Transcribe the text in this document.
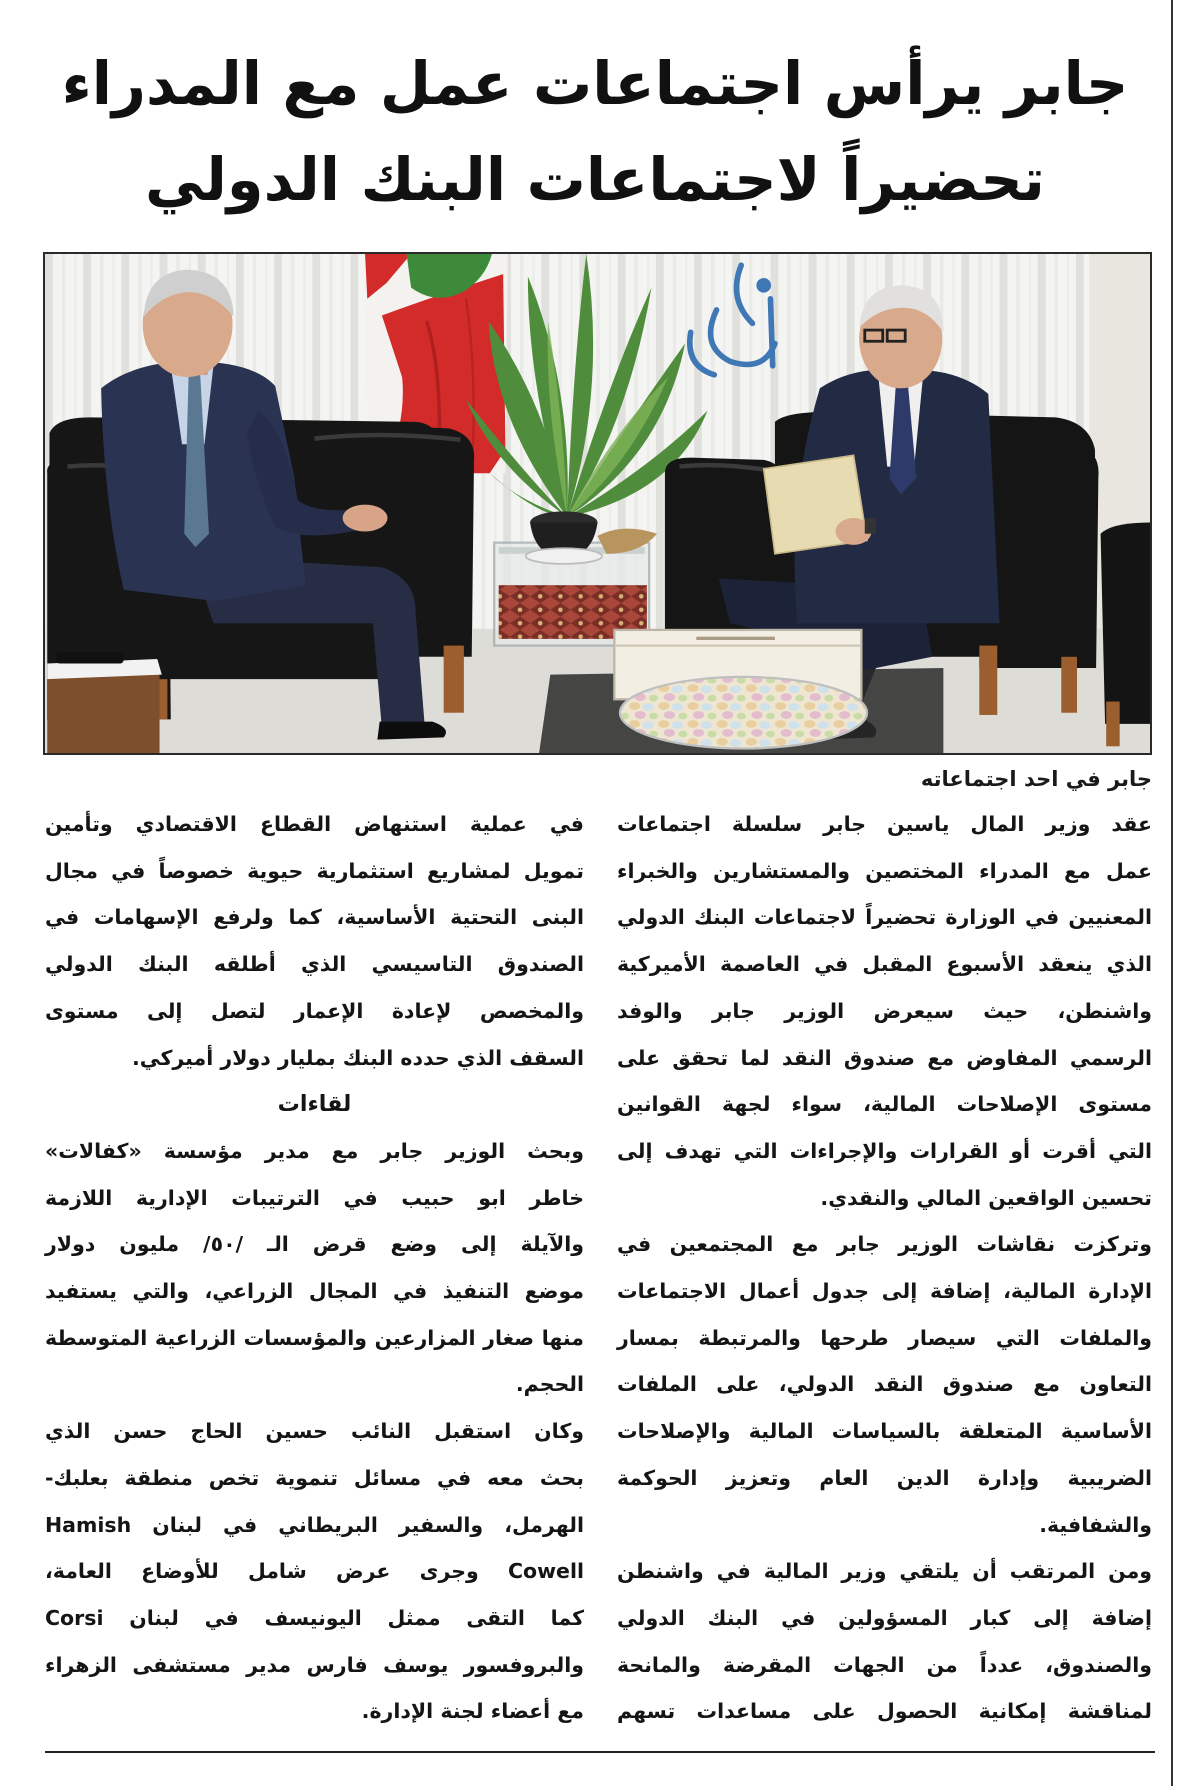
جابر يرأس اجتماعات عمل مع المدراء
تحضيراً لاجتماعات البنك الدولي
جابر في احد اجتماعاته
عقد وزير المال ياسين جابر سلسلة اجتماعات
عمل مع المدراء المختصين والمستشارين والخبراء
المعنيين في الوزارة تحضيراً لاجتماعات البنك الدولي
الذي ينعقد الأسبوع المقبل في العاصمة الأميركية
واشنطن، حيث سيعرض الوزير جابر والوفد
الرسمي المفاوض مع صندوق النقد لما تحقق على
مستوى الإصلاحات المالية، سواء لجهة القوانين
التي أقرت أو القرارات والإجراءات التي تهدف إلى
تحسين الواقعين المالي والنقدي.
وتركزت نقاشات الوزير جابر مع المجتمعين في
الإدارة المالية، إضافة إلى جدول أعمال الاجتماعات
والملفات التي سيصار طرحها والمرتبطة بمسار
التعاون مع صندوق النقد الدولي، على الملفات
الأساسية المتعلقة بالسياسات المالية والإصلاحات
الضريبية وإدارة الدين العام وتعزيز الحوكمة
والشفافية.
ومن المرتقب أن يلتقي وزير المالية في واشنطن
إضافة إلى كبار المسؤولين في البنك الدولي
والصندوق، عدداً من الجهات المقرضة والمانحة
لمناقشة إمكانية الحصول على مساعدات تسهم
في عملية استنهاض القطاع الاقتصادي وتأمين
تمويل لمشاريع استثمارية حيوية خصوصاً في مجال
البنى التحتية الأساسية، كما ولرفع الإسهامات في
الصندوق التاسيسي الذي أطلقه البنك الدولي
والمخصص لإعادة الإعمار لتصل إلى مستوى
السقف الذي حدده البنك بمليار دولار أميركي.
لقاءات
وبحث الوزير جابر مع مدير مؤسسة «كفالات»
خاطر ابو حبيب في الترتيبات الإدارية اللازمة
والآيلة إلى وضع قرض الـ /٥٠/ مليون دولار
موضع التنفيذ في المجال الزراعي، والتي يستفيد
منها صغار المزارعين والمؤسسات الزراعية المتوسطة
الحجم.
وكان استقبل النائب حسين الحاج حسن الذي
بحث معه في مسائل تنموية تخص منطقة بعلبك-
الهرمل، والسفير البريطاني في لبنان Hamish
Cowell وجرى عرض شامل للأوضاع العامة،
كما التقى ممثل اليونيسف في لبنان Corsi
والبروفسور يوسف فارس مدير مستشفى الزهراء
مع أعضاء لجنة الإدارة.
